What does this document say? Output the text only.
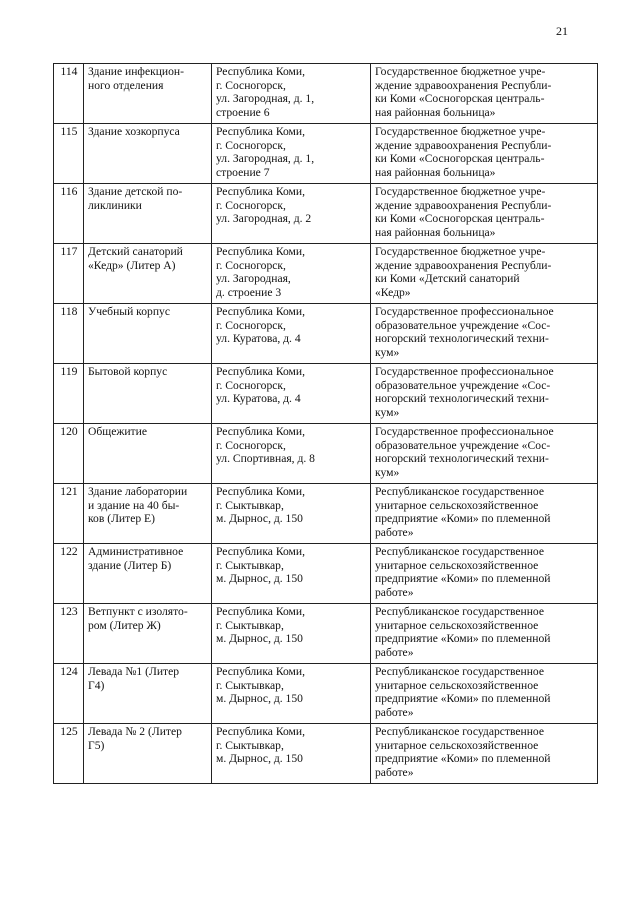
21
114	Здание инфекцион-
ного отделения	Республика Коми,
г. Сосногорск,
ул. Загородная, д. 1,
строение 6	Государственное бюджетное учре-
ждение здравоохранения Республи-
ки Коми «Сосногорская централь-
ная районная больница»

115	Здание хозкорпуса	Республика Коми,
г. Сосногорск,
ул. Загородная, д. 1,
строение 7	Государственное бюджетное учре-
ждение здравоохранения Республи-
ки Коми «Сосногорская централь-
ная районная больница»

116	Здание детской по-
ликлиники	Республика Коми,
г. Сосногорск,
ул. Загородная, д. 2	Государственное бюджетное учре-
ждение здравоохранения Республи-
ки Коми «Сосногорская централь-
ная районная больница»

117	Детский санаторий
«Кедр» (Литер А)	Республика Коми,
г. Сосногорск,
ул. Загородная,
д. строение 3	Государственное бюджетное учре-
ждение здравоохранения Республи-
ки Коми «Детский санаторий
«Кедр»

118	Учебный корпус	Республика Коми,
г. Сосногорск,
ул. Куратова, д. 4	Государственное профессиональное
образовательное учреждение «Сос-
ногорский технологический техни-
кум»

119	Бытовой корпус	Республика Коми,
г. Сосногорск,
ул. Куратова, д. 4	Государственное профессиональное
образовательное учреждение «Сос-
ногорский технологический техни-
кум»

120	Общежитие	Республика Коми,
г. Сосногорск,
ул. Спортивная, д. 8	Государственное профессиональное
образовательное учреждение «Сос-
ногорский технологический техни-
кум»

121	Здание лаборатории
и здание на 40 бы-
ков (Литер Е)	Республика Коми,
г. Сыктывкар,
м. Дырнос, д. 150	Республиканское государственное
унитарное сельскохозяйственное
предприятие «Коми» по племенной
работе»

122	Административное
здание (Литер Б)	Республика Коми,
г. Сыктывкар,
м. Дырнос, д. 150	Республиканское государственное
унитарное сельскохозяйственное
предприятие «Коми» по племенной
работе»

123	Ветпункт с изолято-
ром (Литер Ж)	Республика Коми,
г. Сыктывкар,
м. Дырнос, д. 150	Республиканское государственное
унитарное сельскохозяйственное
предприятие «Коми» по племенной
работе»

124	Левада №1 (Литер
Г4)	Республика Коми,
г. Сыктывкар,
м. Дырнос, д. 150	Республиканское государственное
унитарное сельскохозяйственное
предприятие «Коми» по племенной
работе»

125	Левада № 2 (Литер
Г5)	Республика Коми,
г. Сыктывкар,
м. Дырнос, д. 150	Республиканское государственное
унитарное сельскохозяйственное
предприятие «Коми» по племенной
работе»
